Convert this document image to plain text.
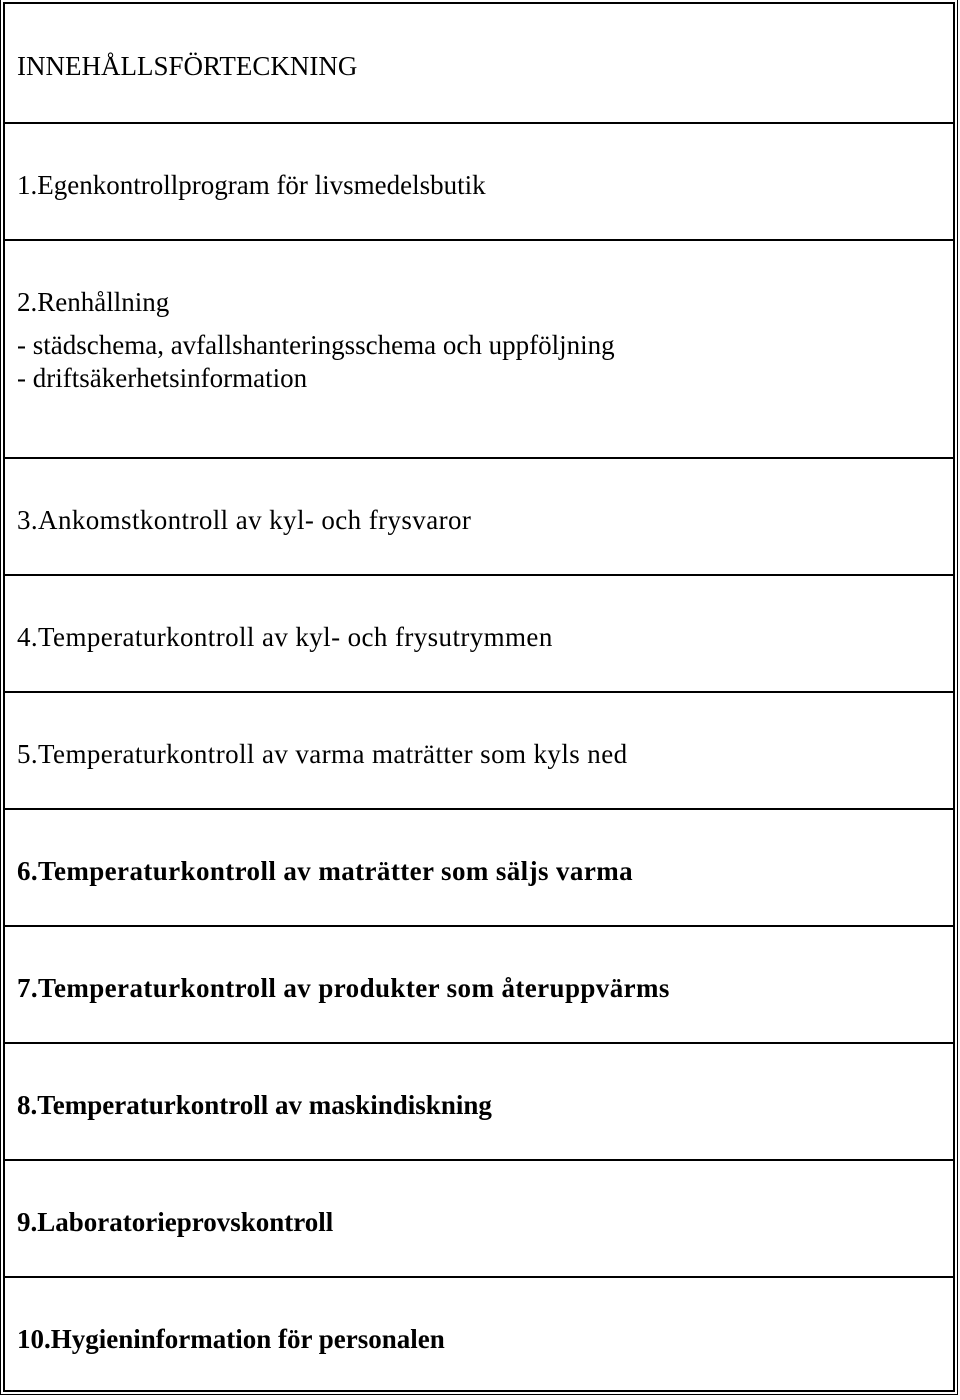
INNEHÅLLSFÖRTECKNING
1.Egenkontrollprogram för livsmedelsbutik
2.Renhållning
- städschema, avfallshanteringsschema och uppföljning
- driftsäkerhetsinformation
3.Ankomstkontroll av kyl- och frysvaror
4.Temperaturkontroll av kyl- och frysutrymmen
5.Temperaturkontroll av varma maträtter som kyls ned
6.Temperaturkontroll av maträtter som säljs varma
7.Temperaturkontroll av produkter som återuppvärms
8.Temperaturkontroll av maskindiskning
9.Laboratorieprovskontroll
10.Hygieninformation för personalen
